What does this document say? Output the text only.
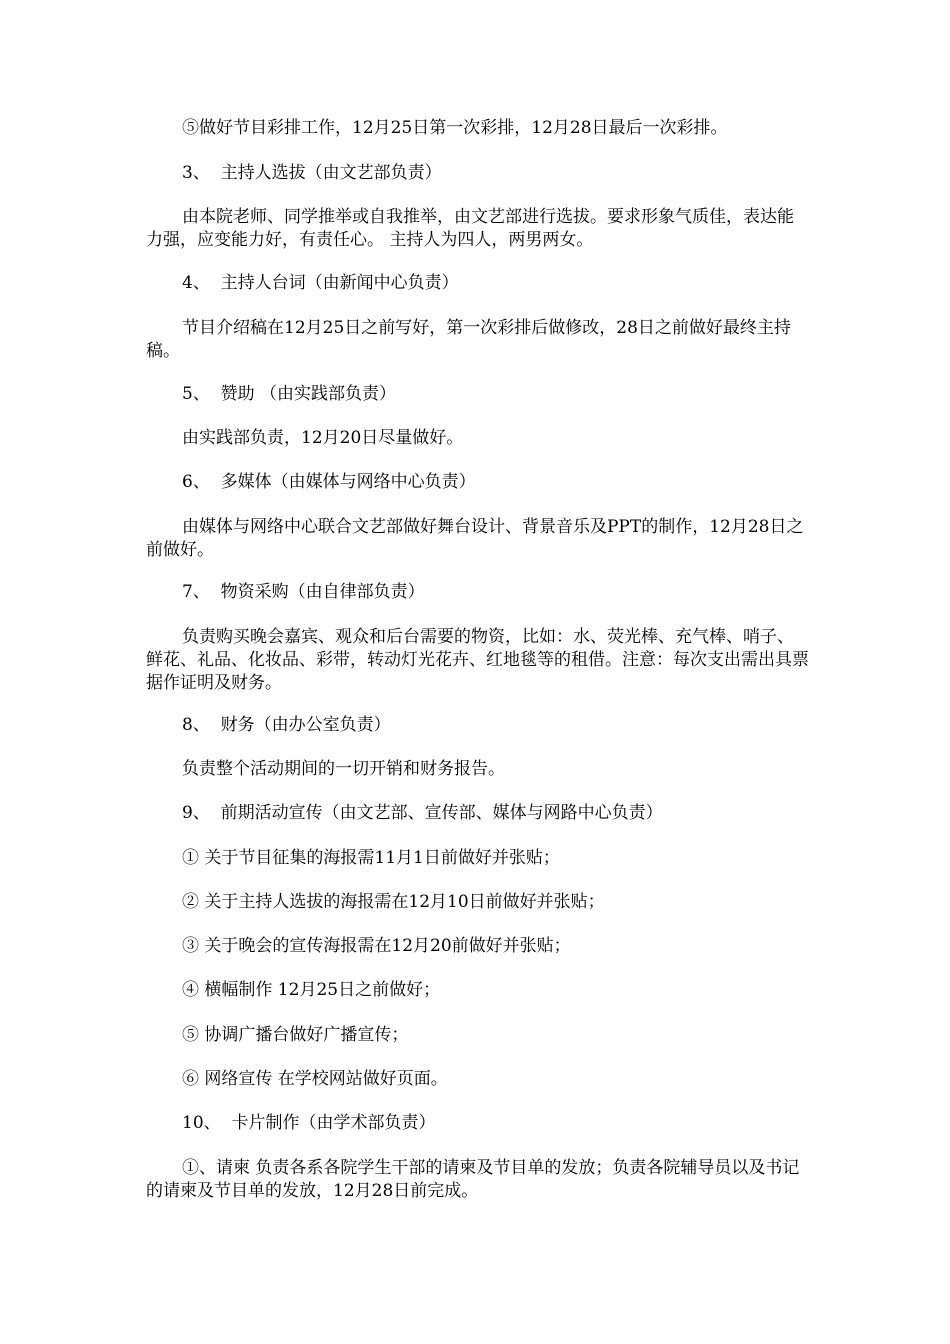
⑤做好节目彩排工作，12月25日第一次彩排，12月28日最后一次彩排。
3、  主持人选拔（由文艺部负责）
由本院老师、同学推举或自我推举，由文艺部进行选拔。要求形象气质佳，表达能力强，应变能力好，有责任心。 主持人为四人，两男两女。
4、  主持人台词（由新闻中心负责）
节目介绍稿在12月25日之前写好，第一次彩排后做修改，28日之前做好最终主持稿。
5、  赞助 （由实践部负责）
由实践部负责，12月20日尽量做好。
6、  多媒体（由媒体与网络中心负责）
由媒体与网络中心联合文艺部做好舞台设计、背景音乐及PPT的制作，12月28日之前做好。
7、  物资采购（由自律部负责）
负责购买晚会嘉宾、观众和后台需要的物资，比如：水、荧光棒、充气棒、哨子、鲜花、礼品、化妆品、彩带，转动灯光花卉、红地毯等的租借。注意：每次支出需出具票据作证明及财务。
8、  财务（由办公室负责）
负责整个活动期间的一切开销和财务报告。
9、  前期活动宣传（由文艺部、宣传部、媒体与网路中心负责）
① 关于节目征集的海报需11月1日前做好并张贴；
② 关于主持人选拔的海报需在12月10日前做好并张贴；
③ 关于晚会的宣传海报需在12月20前做好并张贴；
④ 横幅制作 12月25日之前做好；
⑤ 协调广播台做好广播宣传；
⑥ 网络宣传 在学校网站做好页面。
10、  卡片制作（由学术部负责）
①、请柬 负责各系各院学生干部的请柬及节目单的发放；负责各院辅导员以及书记的请柬及节目单的发放，12月28日前完成。
